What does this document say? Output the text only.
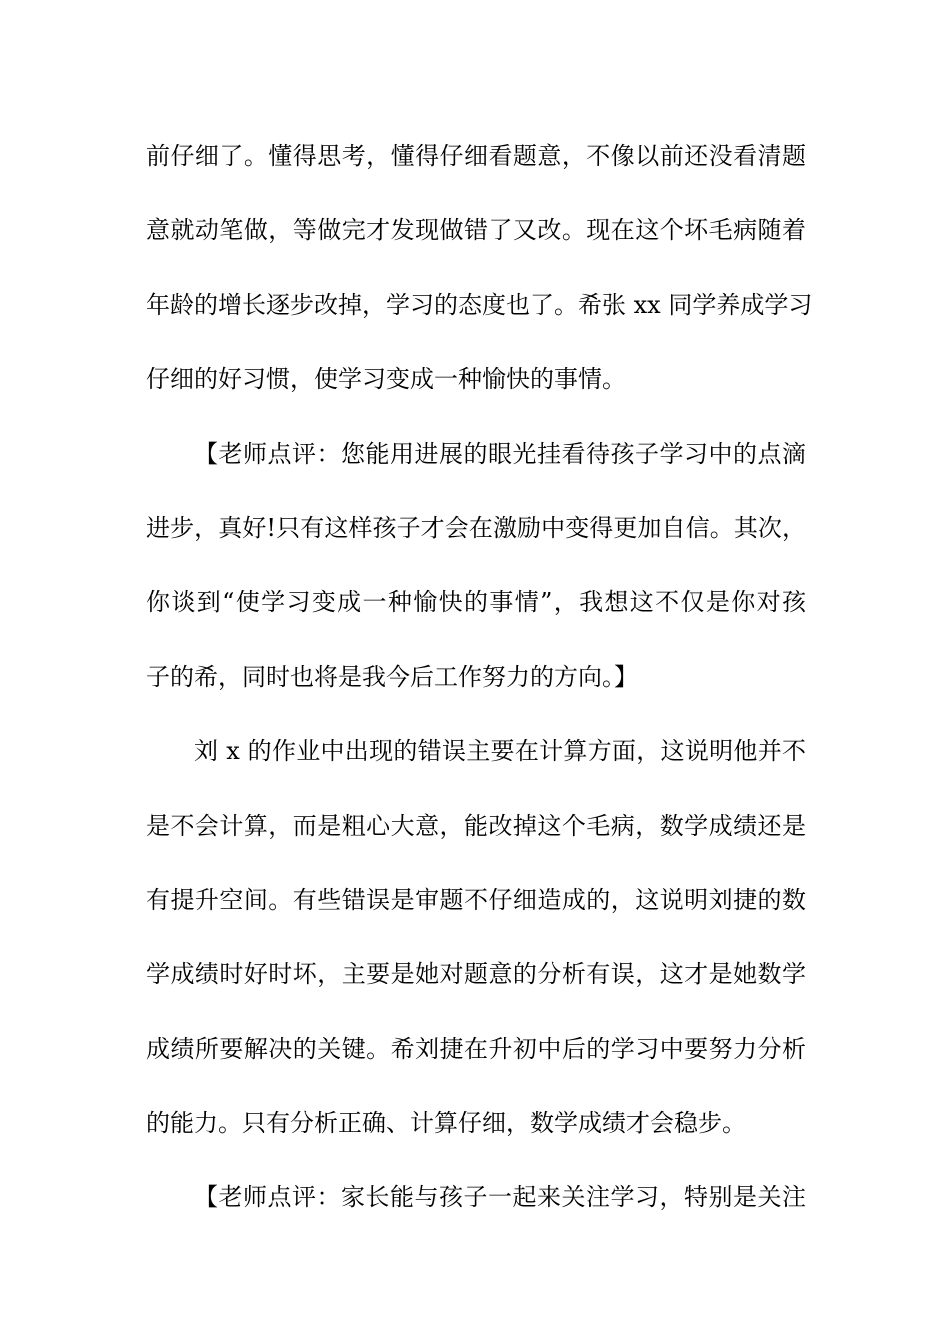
前仔细了。懂得思考，懂得仔细看题意，不像以前还没看清题
意就动笔做，等做完才发现做错了又改。现在这个坏毛病随着
年龄的增长逐步改掉，学习的态度也了。希张 xx 同学养成学习
仔细的好习惯，使学习变成一种愉快的事情。
【老师点评：您能用进展的眼光挂看待孩子学习中的点滴
进步，真好!只有这样孩子才会在激励中变得更加自信。其次，
你谈到“使学习变成一种愉快的事情”，我想这不仅是你对孩
子的希，同时也将是我今后工作努力的方向。】
刘 x 的作业中出现的错误主要在计算方面，这说明他并不
是不会计算，而是粗心大意，能改掉这个毛病，数学成绩还是
有提升空间。有些错误是审题不仔细造成的，这说明刘捷的数
学成绩时好时坏，主要是她对题意的分析有误，这才是她数学
成绩所要解决的关键。希刘捷在升初中后的学习中要努力分析
的能力。只有分析正确、计算仔细，数学成绩才会稳步。
【老师点评：家长能与孩子一起来关注学习，特别是关注
